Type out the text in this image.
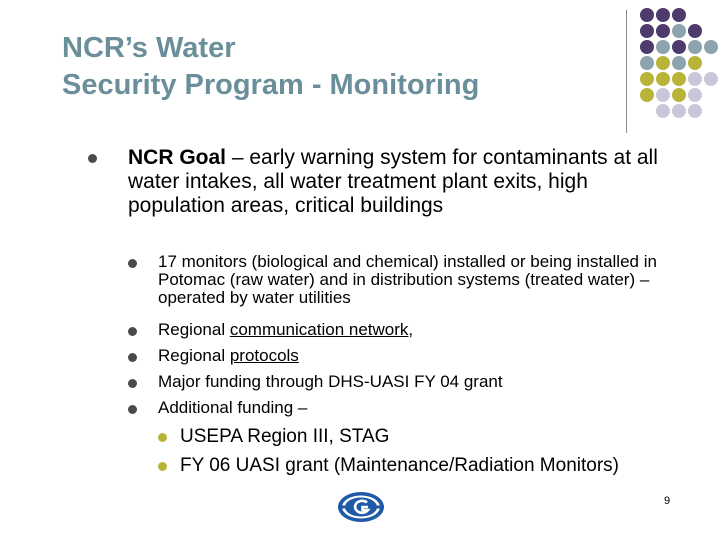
NCR’s Water
Security Program - Monitoring
NCR Goal – early warning system for contaminants at all water intakes, all water treatment plant exits, high population areas, critical buildings
17 monitors (biological and chemical) installed or being installed in Potomac (raw water) and in distribution systems (treated water) – operated by water utilities
Regional communication network,
Regional protocols
Major funding through DHS-UASI FY 04 grant
Additional funding –
USEPA Region III, STAG
FY 06 UASI grant (Maintenance/Radiation Monitors)
9
